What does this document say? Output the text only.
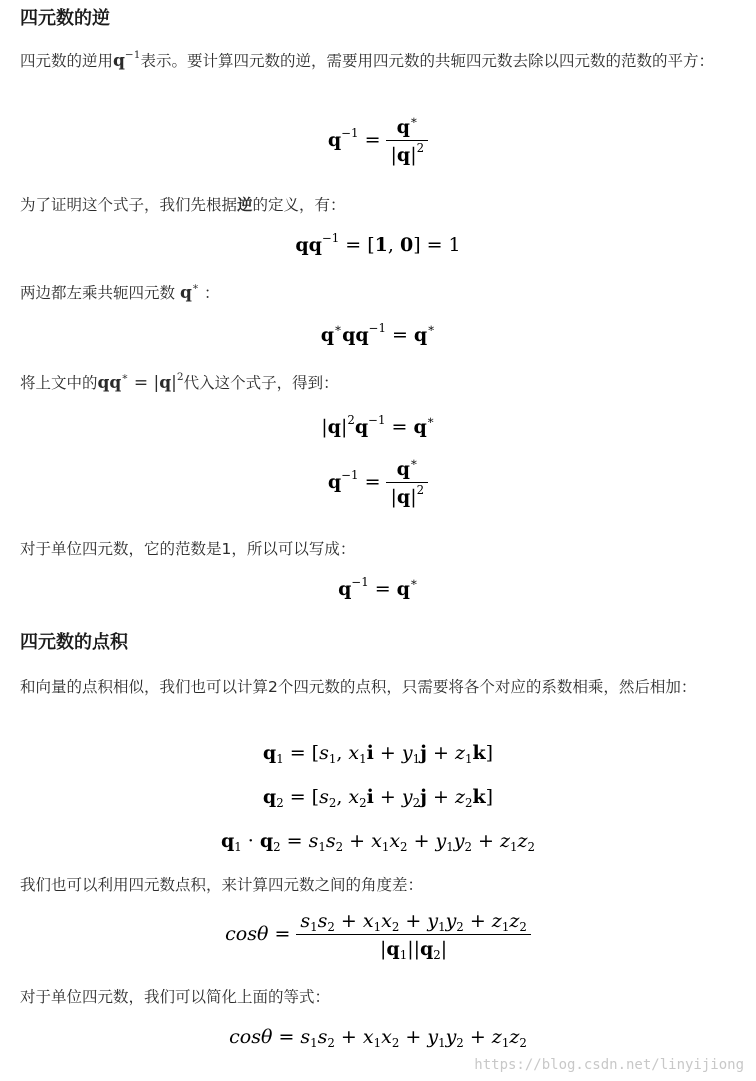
四元数的逆
四元数的逆用$q^{-1}$表示。要计算四元数的逆，需要用四元数的共轭四元数去除以四元数的范数的平方：
$q^{-1} = \frac{q^∗}{|q|^2}$
为了证明这个式子，我们先根据逆的定义，有：
$qq^{-1} = [1$, 0] = 1
两边都左乘共轭四元数 q∗ ：
$q^∗qq^{-1} = q^∗$
将上文中的$qq^∗ = |q|^2$代入这个式子，得到：
$|q|^2q^{-1} = q^∗$
$q^{-1} = \frac{q^∗}{|q|^2}$
对于单位四元数，它的范数是1，所以可以写成：
$q^{-1} = q^∗$
四元数的点积
和向量的点积相似，我们也可以计算2个四元数的点积，只需要将各个对应的系数相乘，然后相加：
$q_1 = [s_1$, $x_1i + y_1j + z_1k$]
$q_2 = [s_2$, $x_2i + y_2j + z_2k$]
$q_1 \cdot q_2 = s_1s_2 + x_1x_2 + y_1y_2 + z_1z_2$
我们也可以利用四元数点积，来计算四元数之间的角度差：
$\cos\theta = \frac{s_1s_2 + x_1x_2 + y_1y_2 + z_1z_2}{|q_1||q_2|}$
对于单位四元数，我们可以简化上面的等式：
$\cos\theta = s_1s_2 + x_1x_2 + y_1y_2 + z_1z_2$
https://blog.csdn.net/linyijiong
